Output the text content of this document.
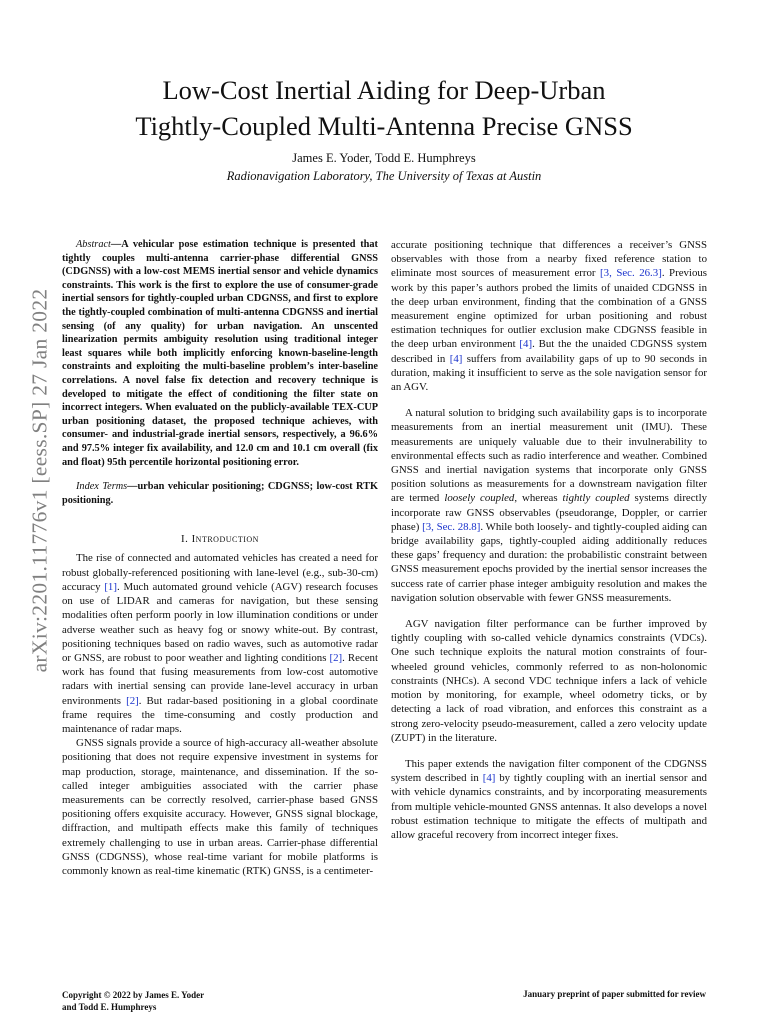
arXiv:2201.11776v1 [eess.SP] 27 Jan 2022
Low-Cost Inertial Aiding for Deep-Urban
Tightly-Coupled Multi-Antenna Precise GNSS
James E. Yoder, Todd E. Humphreys
Radionavigation Laboratory, The University of Texas at Austin

Abstract—A vehicular pose estimation technique is presented that tightly couples multi-antenna carrier-phase differential GNSS (CDGNSS) with a low-cost MEMS inertial sensor and vehicle dynamics constraints. This work is the first to explore the use of consumer-grade inertial sensors for tightly-coupled urban CDGNSS, and first to explore the tightly-coupled combination of multi-antenna CDGNSS and inertial sensing (of any quality) for urban navigation. An unscented linearization permits ambiguity resolution using traditional integer least squares while both implicitly enforcing known-baseline-length constraints and exploiting the multi-baseline problem’s inter-baseline correlations. A novel false fix detection and recovery technique is developed to mitigate the effect of conditioning the filter state on incorrect integers. When evaluated on the publicly-available TEX-CUP urban positioning dataset, the proposed technique achieves, with consumer- and industrial-grade inertial sensors, respectively, a 96.6% and 97.5% integer fix availability, and 12.0 cm and 10.1 cm overall (fix and float) 95th percentile horizontal positioning error.

Index Terms—urban vehicular positioning; CDGNSS; low-cost RTK positioning.

I. Introduction

The rise of connected and automated vehicles has created a need for robust globally-referenced positioning with lane-level (e.g., sub-30-cm) accuracy [1]. Much automated ground vehicle (AGV) research focuses on use of LIDAR and cameras for navigation, but these sensing modalities often perform poorly in low illumination conditions or under adverse weather such as heavy fog or snowy white-out. By contrast, positioning techniques based on radio waves, such as automotive radar or GNSS, are robust to poor weather and lighting conditions [2]. Recent work has found that fusing measurements from low-cost automotive radars with inertial sensing can provide lane-level accuracy in urban environments [2]. But radar-based positioning in a global coordinate frame requires the time-consuming and costly production and maintenance of radar maps.

GNSS signals provide a source of high-accuracy all-weather absolute positioning that does not require expensive investment in systems for map production, storage, maintenance, and dissemination. If the so-called integer ambiguities associated with the carrier phase measurements can be correctly resolved, carrier-phase based GNSS positioning offers exquisite accuracy. However, GNSS signal blockage, diffraction, and multipath effects make this family of techniques extremely challenging to use in urban areas. Carrier-phase differential GNSS (CDGNSS), whose real-time variant for mobile platforms is commonly known as real-time kinematic (RTK) GNSS, is a centimeter-

accurate positioning technique that differences a receiver’s GNSS observables with those from a nearby fixed reference station to eliminate most sources of measurement error [3, Sec. 26.3]. Previous work by this paper’s authors probed the limits of unaided CDGNSS in the deep urban environment, finding that the combination of a GNSS measurement engine optimized for urban positioning and robust estimation techniques for outlier exclusion make CDGNSS feasible in the deep urban environment [4]. But the the unaided CDGNSS system described in [4] suffers from availability gaps of up to 90 seconds in duration, making it insufficient to serve as the sole navigation sensor for an AGV.

A natural solution to bridging such availability gaps is to incorporate measurements from an inertial measurement unit (IMU). These measurements are uniquely valuable due to their invulnerability to environmental effects such as radio interference and weather. Combined GNSS and inertial navigation systems that incorporate only GNSS position solutions as measurements for a downstream navigation filter are termed loosely coupled, whereas tightly coupled systems directly incorporate raw GNSS observables (pseudorange, Doppler, or carrier phase) [3, Sec. 28.8]. While both loosely- and tightly-coupled aiding can bridge availability gaps, tightly-coupled aiding additionally reduces these gaps’ frequency and duration: the probabilistic constraint between GNSS measurement epochs provided by the inertial sensor increases the success rate of carrier phase integer ambiguity resolution and makes the navigation solution observable with fewer GNSS measurements.

AGV navigation filter performance can be further improved by tightly coupling with so-called vehicle dynamics constraints (VDCs). One such technique exploits the natural motion constraints of four-wheeled ground vehicles, commonly referred to as non-holonomic constraints (NHCs). A second VDC technique infers a lack of vehicle motion by monitoring, for example, wheel odometry ticks, or by detecting a lack of road vibration, and enforces this constraint as a strong zero-velocity pseudo-measurement, called a zero velocity update (ZUPT) in the literature.

This paper extends the navigation filter component of the CDGNSS system described in [4] by tightly coupling with an inertial sensor and with vehicle dynamics constraints, and by incorporating measurements from multiple vehicle-mounted GNSS antennas. It also develops a novel robust estimation technique to mitigate the effects of multipath and allow graceful recovery from incorrect integer fixes.

Copyright © 2022 by James E. Yoder
and Todd E. Humphreys
January preprint of paper submitted for review
